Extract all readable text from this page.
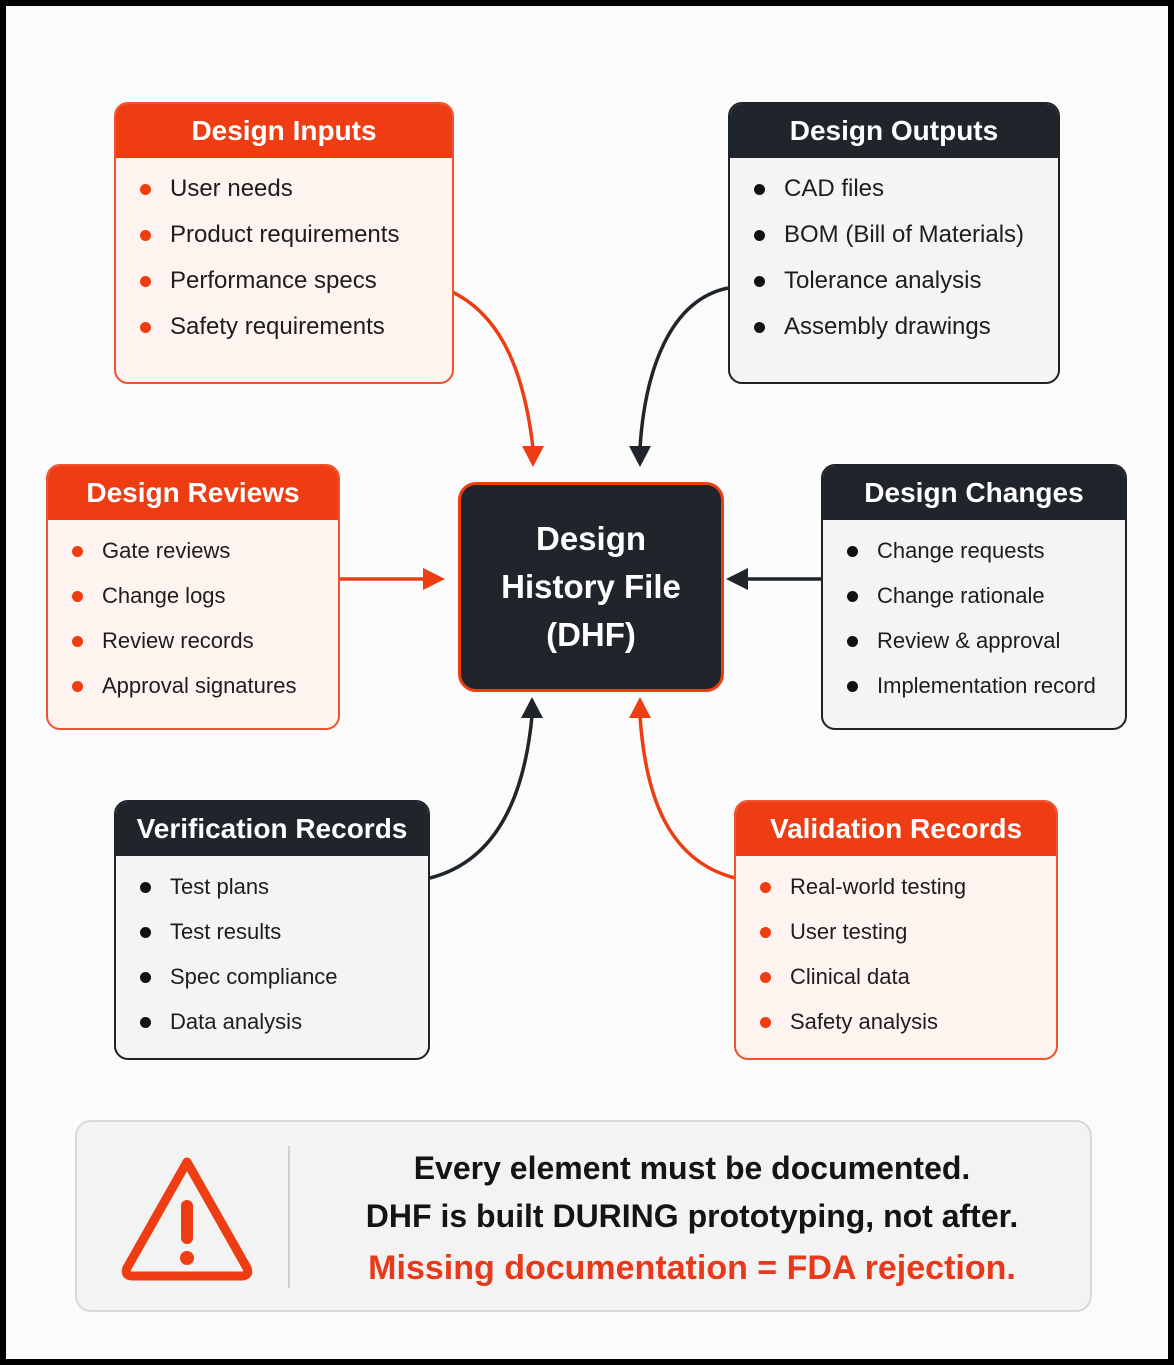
Design Inputs
User needs
Product requirements
Performance specs
Safety requirements
Design Outputs
CAD files
BOM (Bill of Materials)
Tolerance analysis
Assembly drawings
Design Reviews
Gate reviews
Change logs
Review records
Approval signatures
Design History File (DHF)
Design Changes
Change requests
Change rationale
Review & approval
Implementation record
Verification Records
Test plans
Test results
Spec compliance
Data analysis
Validation Records
Real-world testing
User testing
Clinical data
Safety analysis
Every element must be documented.
DHF is built DURING prototyping, not after.
Missing documentation = FDA rejection.
